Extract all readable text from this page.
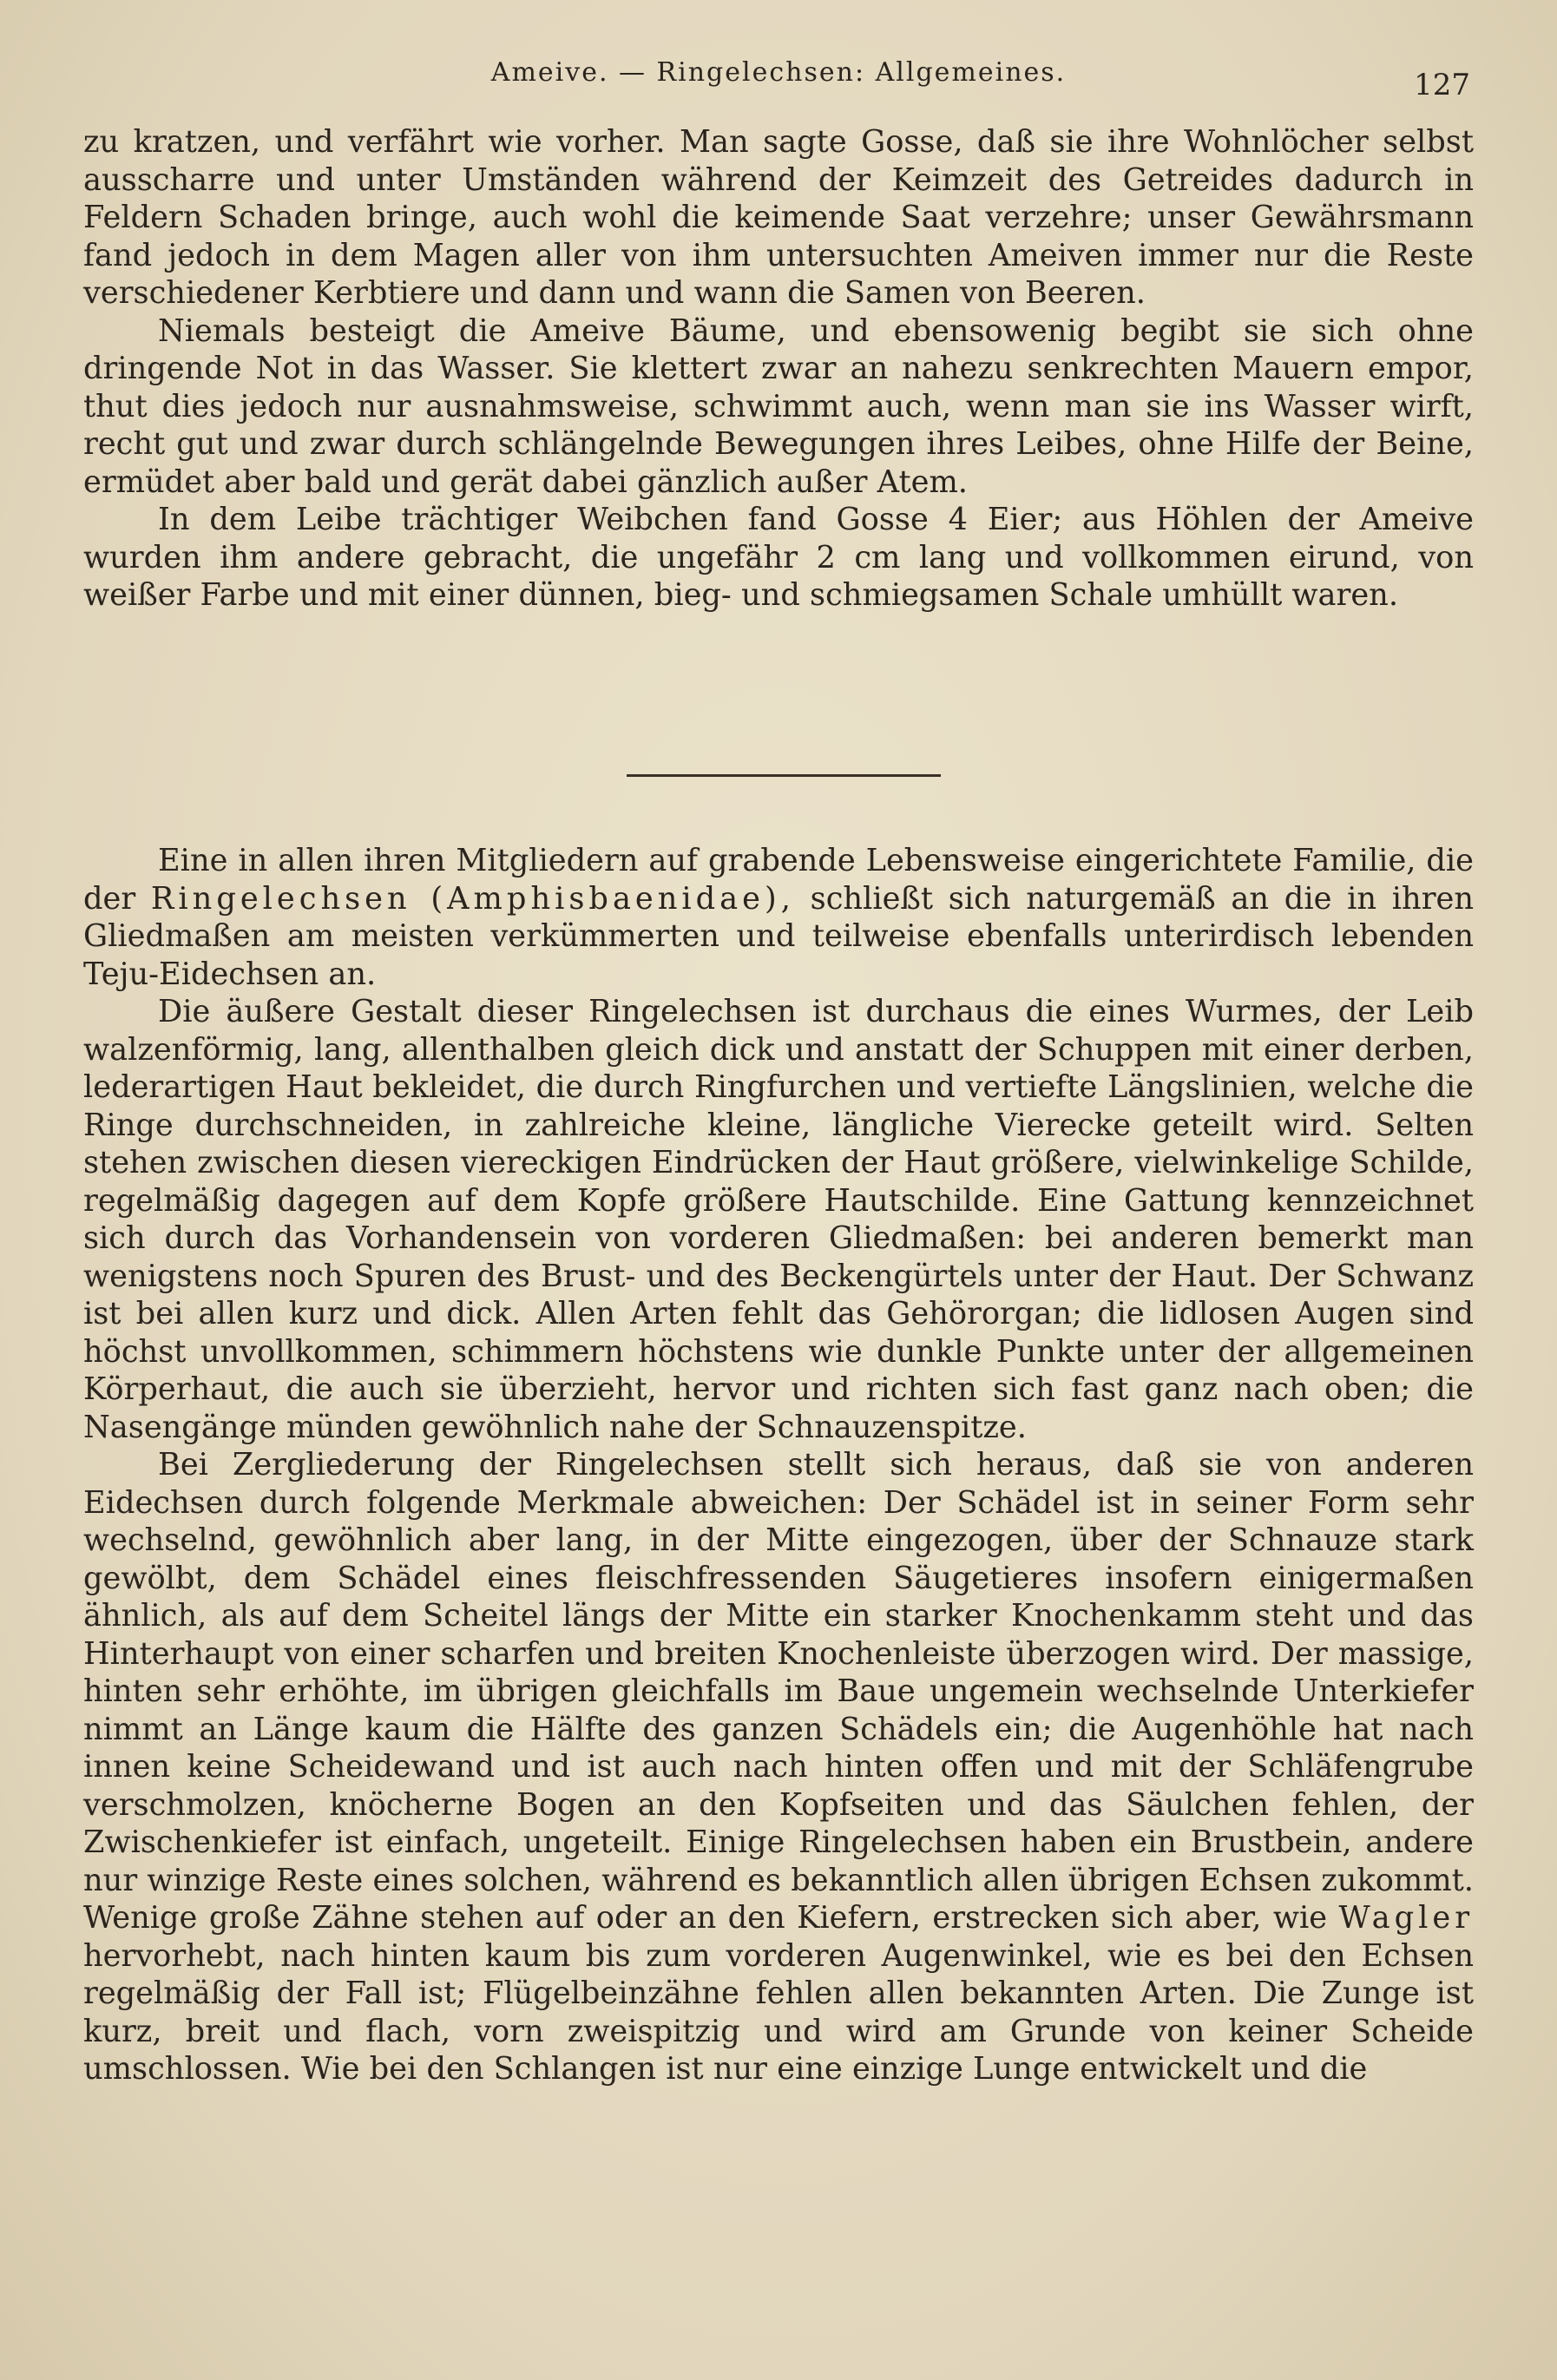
Ameive. — Ringelechsen: Allgemeines.	127

zu kratzen, und verfährt wie vorher. Man sagte Gosse, daß sie ihre Wohnlöcher selbst ausscharre und unter Umständen während der Keimzeit des Getreides dadurch in Feldern Schaden bringe, auch wohl die keimende Saat verzehre; unser Gewährsmann fand jedoch in dem Magen aller von ihm untersuchten Ameiven immer nur die Reste verschiedener Kerbtiere und dann und wann die Samen von Beeren.

Niemals besteigt die Ameive Bäume, und ebensowenig begibt sie sich ohne dringende Not in das Wasser. Sie klettert zwar an nahezu senkrechten Mauern empor, thut dies jedoch nur ausnahmsweise, schwimmt auch, wenn man sie ins Wasser wirft, recht gut und zwar durch schlängelnde Bewegungen ihres Leibes, ohne Hilfe der Beine, ermüdet aber bald und gerät dabei gänzlich außer Atem.

In dem Leibe trächtiger Weibchen fand Gosse 4 Eier; aus Höhlen der Ameive wurden ihm andere gebracht, die ungefähr 2 cm lang und vollkommen eirund, von weißer Farbe und mit einer dünnen, bieg- und schmiegsamen Schale umhüllt waren.

Eine in allen ihren Mitgliedern auf grabende Lebensweise eingerichtete Familie, die der Ringelechsen (Amphisbaenidae), schließt sich naturgemäß an die in ihren Gliedmaßen am meisten verkümmerten und teilweise ebenfalls unterirdisch lebenden Teju-Eidechsen an.

Die äußere Gestalt dieser Ringelechsen ist durchaus die eines Wurmes, der Leib walzenförmig, lang, allenthalben gleich dick und anstatt der Schuppen mit einer derben, lederartigen Haut bekleidet, die durch Ringfurchen und vertiefte Längslinien, welche die Ringe durchschneiden, in zahlreiche kleine, längliche Vierecke geteilt wird. Selten stehen zwischen diesen viereckigen Eindrücken der Haut größere, vielwinkelige Schilde, regelmäßig dagegen auf dem Kopfe größere Hautschilde. Eine Gattung kennzeichnet sich durch das Vorhandensein von vorderen Gliedmaßen: bei anderen bemerkt man wenigstens noch Spuren des Brust- und des Beckengürtels unter der Haut. Der Schwanz ist bei allen kurz und dick. Allen Arten fehlt das Gehörorgan; die lidlosen Augen sind höchst unvollkommen, schimmern höchstens wie dunkle Punkte unter der allgemeinen Körperhaut, die auch sie überzieht, hervor und richten sich fast ganz nach oben; die Nasengänge münden gewöhnlich nahe der Schnauzenspitze.

Bei Zergliederung der Ringelechsen stellt sich heraus, daß sie von anderen Eidechsen durch folgende Merkmale abweichen: Der Schädel ist in seiner Form sehr wechselnd, gewöhnlich aber lang, in der Mitte eingezogen, über der Schnauze stark gewölbt, dem Schädel eines fleischfressenden Säugetieres insofern einigermaßen ähnlich, als auf dem Scheitel längs der Mitte ein starker Knochenkamm steht und das Hinterhaupt von einer scharfen und breiten Knochenleiste überzogen wird. Der massige, hinten sehr erhöhte, im übrigen gleichfalls im Baue ungemein wechselnde Unterkiefer nimmt an Länge kaum die Hälfte des ganzen Schädels ein; die Augenhöhle hat nach innen keine Scheidewand und ist auch nach hinten offen und mit der Schläfengrube verschmolzen, knöcherne Bogen an den Kopfseiten und das Säulchen fehlen, der Zwischenkiefer ist einfach, ungeteilt. Einige Ringelechsen haben ein Brustbein, andere nur winzige Reste eines solchen, während es bekanntlich allen übrigen Echsen zukommt. Wenige große Zähne stehen auf oder an den Kiefern, erstrecken sich aber, wie Wagler hervorhebt, nach hinten kaum bis zum vorderen Augenwinkel, wie es bei den Echsen regelmäßig der Fall ist; Flügelbeinzähne fehlen allen bekannten Arten. Die Zunge ist kurz, breit und flach, vorn zweispitzig und wird am Grunde von keiner Scheide umschlossen. Wie bei den Schlangen ist nur eine einzige Lunge entwickelt und die
